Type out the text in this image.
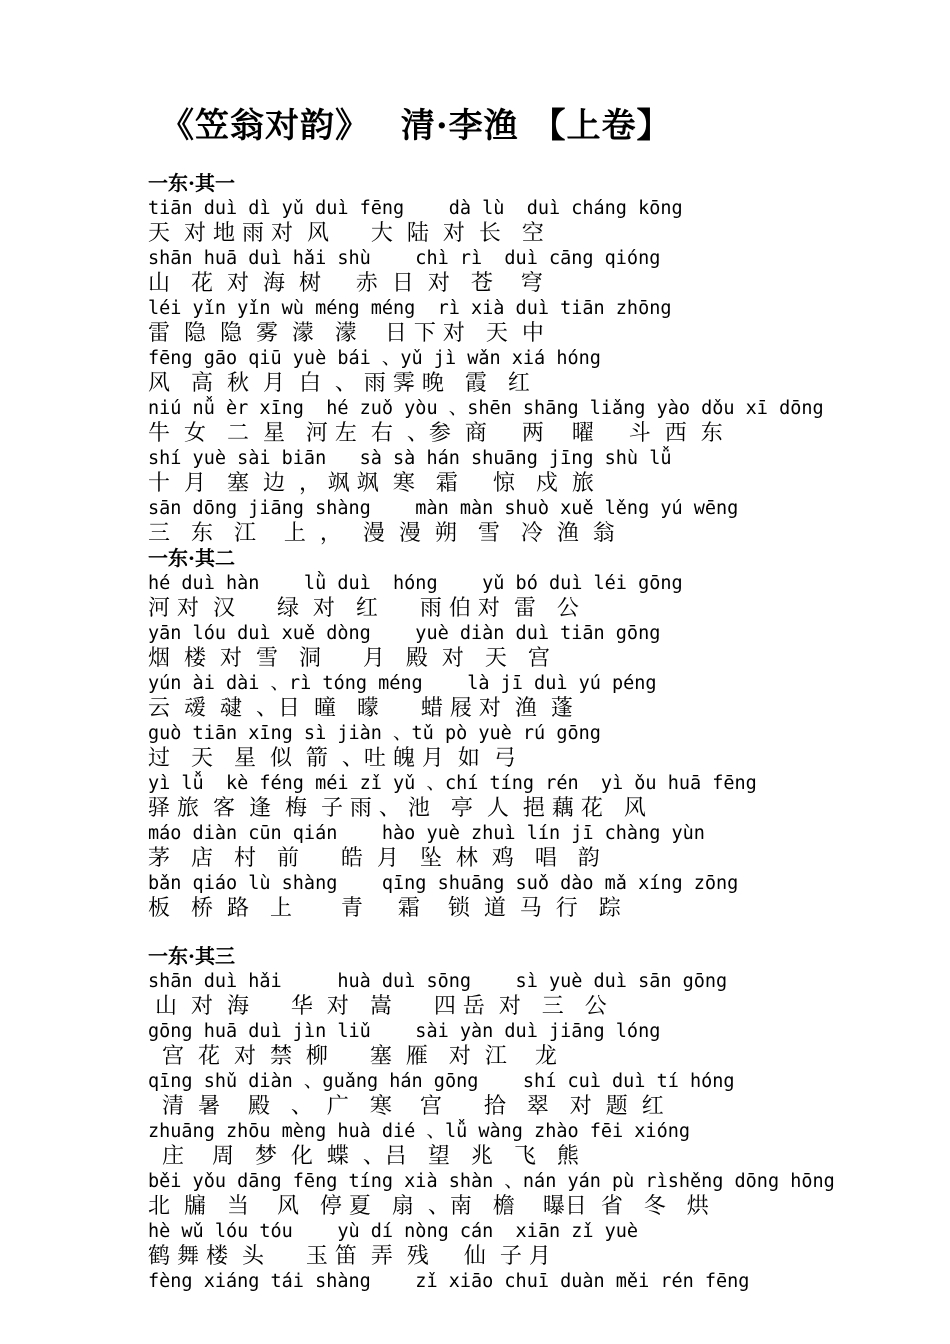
《笠翁对韵》　 清·李渔 【上卷】
一东·其一
tiān duì dì yǔ duì fēng    dà lù  duì cháng kōng
天  对 地 雨 对  风      大  陆  对  长   空
shān huā duì hǎi shù    chì rì  duì cāng qióng
山   花  对  海  树     赤  日  对   苍    穹
léi yǐn yǐn wù méng méng  rì xià duì tiān zhōng
雷  隐  隐  雾  濛   濛    日 下 对   天  中
fēng gāo qiū yuè bái 、yǔ jì wǎn xiá hóng
风   高  秋  月  白  、 雨 霁 晚   霞   红
niú nǚ èr xīng  hé zuǒ yòu 、shēn shāng liǎng yào dǒu xī dōng
牛  女   二  星   河 左  右  、参  商     两    曜     斗  西  东
shí yuè sài biān   sà sà hán shuāng jīng shù lǚ
十  月   塞  边  ， 飒 飒  寒   霜     惊   戍  旅
sān dōng jiāng shàng    màn màn shuò xuě lěng yú wēng
三   东   江    上  ，   漫  漫  朔   雪   冷  渔  翁
一东·其二
hé duì hàn    lǜ duì  hóng    yǔ bó duì léi gōng
河 对  汉      绿  对   红      雨 伯 对  雷   公
yān lóu duì xuě dòng    yuè diàn duì tiān gōng
烟  楼  对  雪   洞      月   殿  对   天   宫
yún ài dài 、rì tóng méng    là jī duì yú péng
云  叆  叇  、日  曈   曚      蜡 屐 对  渔  蓬
guò tiān xīng sì jiàn 、tǔ pò yuè rú gōng
过   天   星  似  箭  、吐 魄 月  如  弓
yì lǚ  kè féng méi zǐ yǔ 、chí tíng rén  yì ǒu huā fēng
驿 旅  客  逢  梅  子 雨 、 池   亭  人  挹 藕 花   风
máo diàn cūn qián    hào yuè zhuì lín jī chàng yùn
茅   店   村   前      皓  月   坠  林  鸡   唱   韵
bǎn qiáo lù shàng    qīng shuāng suǒ dào mǎ xíng zōng
板   桥  路   上       青     霜    锁  道  马  行   踪
一东·其三
shān duì hǎi     huà duì sōng    sì yuè duì sān gōng
山  对  海      华  对   嵩      四 岳  对   三   公
gōng huā duì jìn liǔ    sài yàn duì jiāng lóng
宫  花  对  禁  柳      塞  雁   对  江    龙
qīng shǔ diàn 、guǎng hán gōng    shí cuì duì tí hóng
清  暑    殿   、  广   寒    宫      拾   翠   对  题  红
zhuāng zhōu mèng huà dié 、lǚ wàng zhào fēi xióng
庄    周   梦  化  蝶  、吕   望   兆   飞   熊
běi yǒu dāng fēng tíng xià shàn 、nán yán pù rìshěng dōng hōng
北  牖   当    风   停 夏   扇  、南   檐    曝日  省   冬   烘
hè wǔ lóu tóu    yù dí nòng cán  xiān zǐ yuè
鹤 舞 楼  头      玉 笛  弄  残     仙  子 月
fèng xiáng tái shàng    zǐ xiāo chuī duàn měi rén fēng
